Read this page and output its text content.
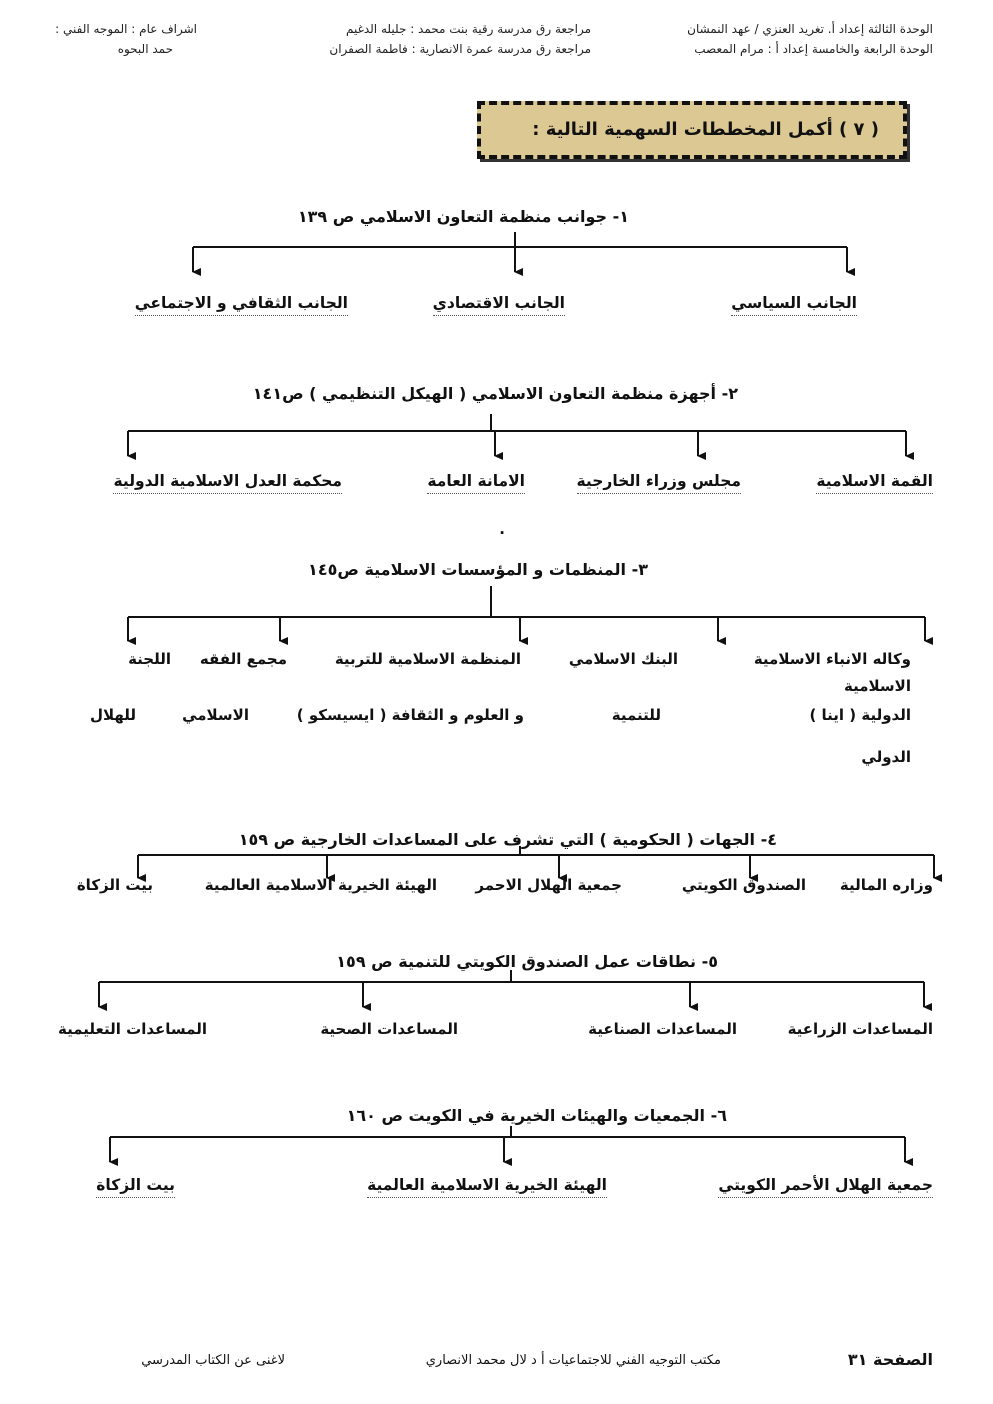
الوحدة الثالثة إعداد أ. تغريد العنزي / عهد النمشان
الوحدة الرابعة والخامسة إعداد أ : مرام المعصب
مراجعة رق مدرسة رقية بنت محمد : جليله الدغيم
مراجعة رق مدرسة عمرة الانصارية : فاطمة الصفران
اشراف عام : الموجه الفني :
حمد البحوه
( ٧ ) أكمل المخططات السهمية التالية :
١- جوانب منظمة التعاون الاسلامي ص ١٣٩
الجانب السياسي
الجانب الاقتصادي
الجانب الثقافي و الاجتماعي
٢- أجهزة منظمة التعاون الاسلامي ( الهيكل التنظيمي ) ص١٤١
القمة الاسلامية
مجلس وزراء الخارجية
الامانة العامة
محكمة العدل الاسلامية الدولية
.
٣- المنظمات و المؤسسات الاسلامية ص١٤٥
وكاله الانباء الاسلامية
الاسلامية
الدولية ( اينا )
الدولي
البنك الاسلامي
للتنمية
المنظمة الاسلامية للتربية
و العلوم و الثقافة ( ايسيسكو )
مجمع الفقه
الاسلامي
اللجنة
للهلال
٤- الجهات ( الحكومية ) التي تشرف على المساعدات الخارجية ص ١٥٩
وزاره المالية
الصندوق الكويتي
جمعية الهلال الاحمر
الهيئة الخيرية الاسلامية العالمية
بيت الزكاة
٥- نطاقات عمل الصندوق الكويتي للتنمية ص ١٥٩
المساعدات الزراعية
المساعدات الصناعية
المساعدات الصحية
المساعدات التعليمية
٦- الجمعيات والهيئات الخيرية في الكويت ص ١٦٠
جمعية الهلال الأحمر الكويتي
الهيئة الخيرية الاسلامية العالمية
بيت الزكاة
الصفحة ٣١
مكتب التوجيه الفني للاجتماعيات أ د لال محمد الانصاري
لاغنى عن الكتاب المدرسي
